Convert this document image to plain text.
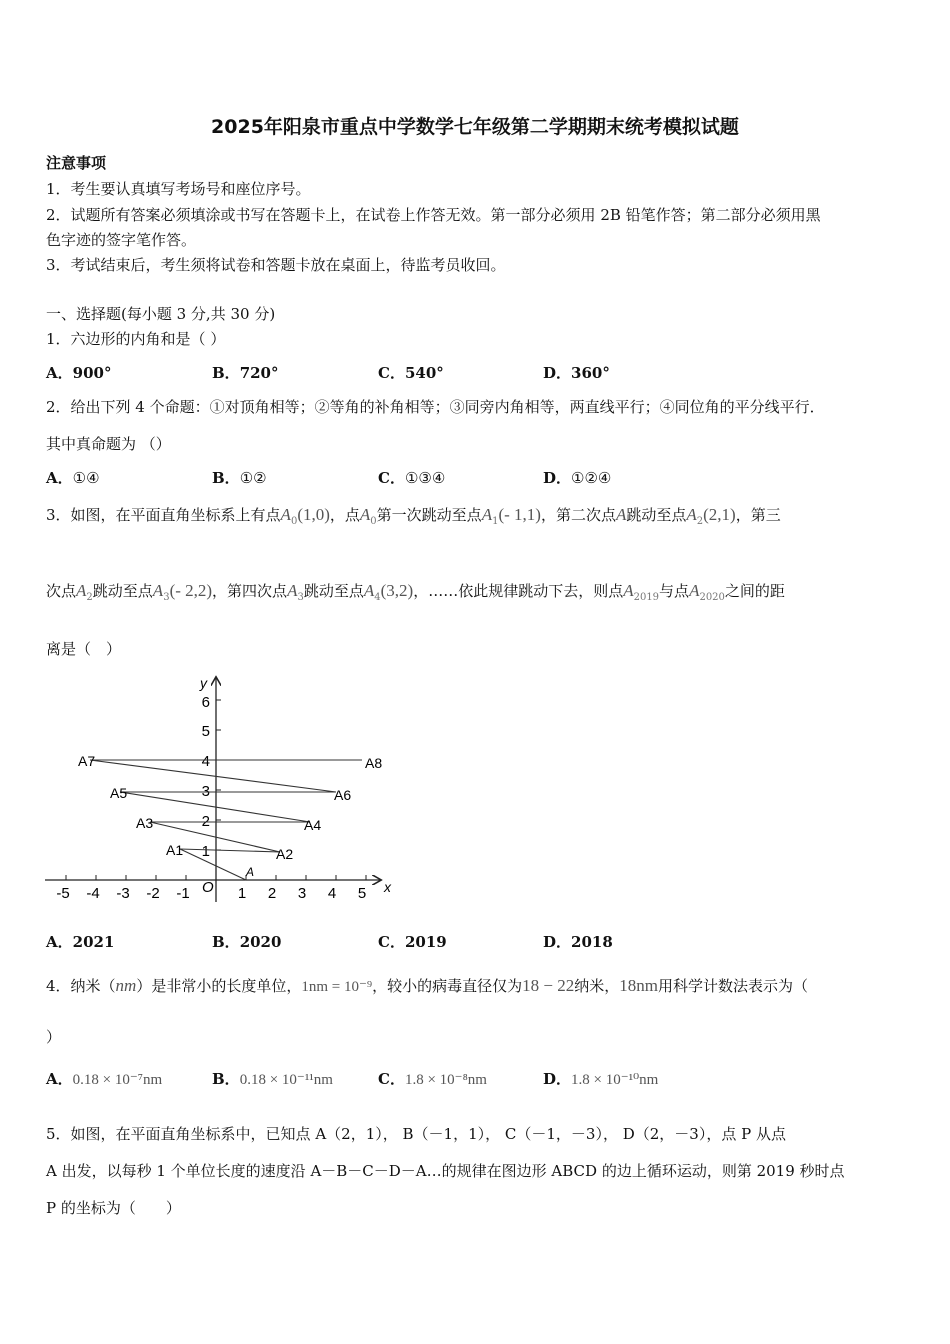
2025年阳泉市重点中学数学七年级第二学期期末统考模拟试题
注意事项
1．考生要认真填写考场号和座位序号。
2．试题所有答案必须填涂或书写在答题卡上，在试卷上作答无效。第一部分必须用 2B 铅笔作答；第二部分必须用黑
色字迹的签字笔作答。
3．考试结束后，考生须将试卷和答题卡放在桌面上，待监考员收回。
一、选择题(每小题 3 分,共 30 分)
1．六边形的内角和是（ ）
A．900°	B．720°	C．540°	D．360°
2．给出下列 4 个命题：①对顶角相等；②等角的补角相等；③同旁内角相等，两直线平行；④同位角的平分线平行．
其中真命题为 （）
A．①④	B．①②	C．①③④	D．①②④
3．如图，在平面直角坐标系上有点$A_0(1,0)$，点$A_0$第一次跳动至点$A_1(-$ 1,1)，第二次点A跳动至点$A_2(2,1)$，第三
次点$A_2$跳动至点$A_3(-$ 2,2)，第四次点$A_3$跳动至点$A_4(3,2)$，……依此规律跳动下去，则点$A_{2019}$与点$A_{2020}$之间的距
离是（　）
x
y
O
-5 -4 -3 -2 -1	1 2 3 4 5
1
2
3
4
5
6
A
A1	A2
A3	A4
A5	A6
A7	A8
A．2021	B．2020	C．2019	D．2018
4．纳米（nm）是非常小的长度单位，1nm = 10⁻⁹，较小的病毒直径仅为18 − 22纳米，18nm用科学计数法表示为（
）
A．0.18 × 10⁻⁷nm	B．0.18 × 10⁻¹¹nm	C．1.8 × 10⁻⁸nm	D．1.8 × 10⁻¹⁰nm
5．如图，在平面直角坐标系中，已知点 A（2，1）， B（－1，1）， C（－1，－3）， D（2，－3），点 P 从点
A 出发，以每秒 1 个单位长度的速度沿 A－B－C－D－A…的规律在图边形 ABCD 的边上循环运动，则第 2019 秒时点
P 的坐标为（　　）
